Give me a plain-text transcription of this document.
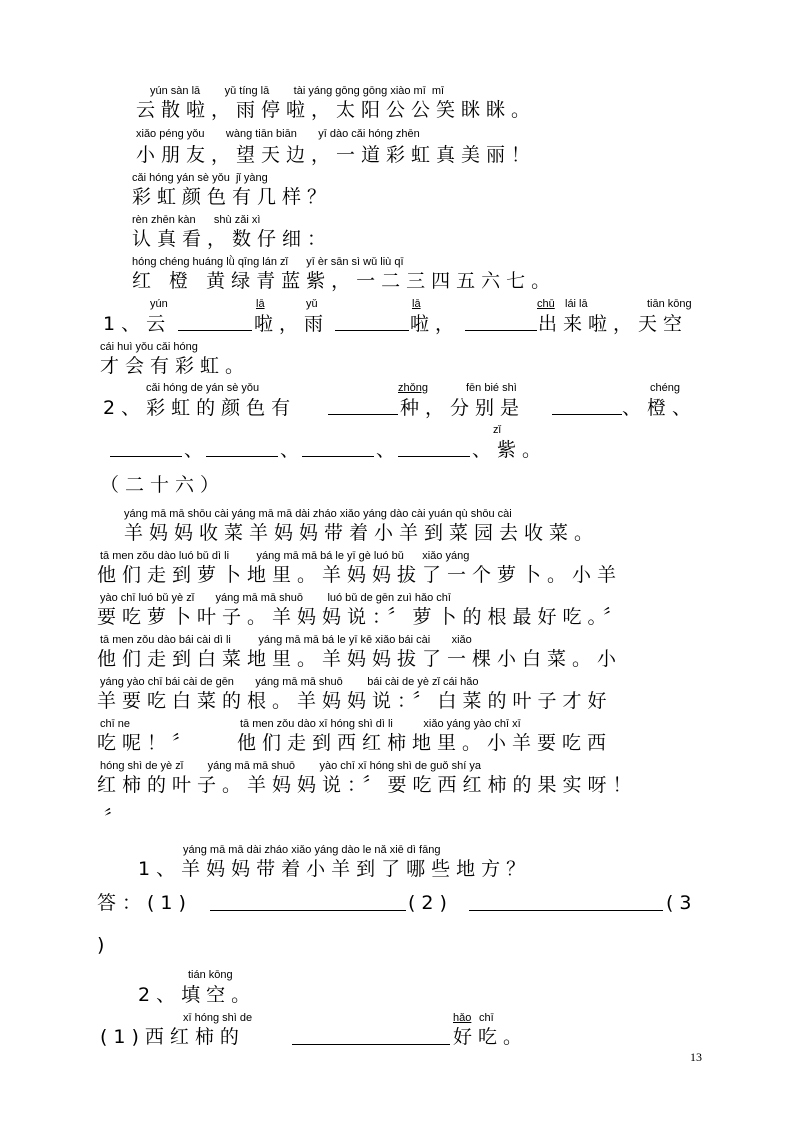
yún sàn lā        yǔ tíng lā        tài yáng gōng gōng xiào mī  mī
云散啦，雨停啦，太阳公公笑眯眯。
xiǎo péng yǒu       wàng tiān biān       yī dào cǎi hóng zhēn
小朋友，望天边，一道彩虹真美丽！
cǎi hóng yán sè yǒu  jǐ yàng
彩虹颜色有几样？
rèn zhēn kàn      shù zǎi xì
认真看，数仔细：
hóng chéng huáng lǜ qīng lán zǐ      yī èr sān sì wǔ liù qī
红 橙 黄绿青蓝紫，一二三四五六七。
yún	lā	yǔ	lā	chū lái lā	tiān kōng
1、云	啦，雨	啦，	出来啦，天空
cái huì yǒu cǎi hóng
才会有彩虹。
cǎi hóng de yán sè yǒu	zhǒng	fēn bié shì	chéng
2、彩虹的颜色有	种，分别是	、橙、
zǐ
、	、	、	、紫。
（二十六）
yáng mā mā shōu cài yáng mā mā dài zháo xiǎo yáng dào cài yuán qù shōu cài
羊妈妈收菜羊妈妈带着小羊到菜园去收菜。
tā men zǒu dào luó bǔ dì li         yáng mā mā bá le yī gè luó bǔ      xiǎo yáng
他们走到萝卜地里。羊妈妈拔了一个萝卜。小羊
yào chī luó bǔ yè zǐ       yáng mā mā shuō        luó bǔ de gēn zuì hǎo chī
要吃萝卜叶子。羊妈妈说：〞萝卜的根最好吃。〞
tā men zǒu dào bái cài dì li         yáng mā mā bá le yī kē xiǎo bái cài       xiǎo
他们走到白菜地里。羊妈妈拔了一棵小白菜。小
yáng yào chī bái cài de gēn       yáng mā mā shuō        bái cài de yè zǐ cái hǎo
羊要吃白菜的根。羊妈妈说：〞白菜的叶子才好
chī ne	tā men zǒu dào xī hóng shì dì li          xiǎo yáng yào chī xī
吃呢！〞 他们走到西红柿地里。小羊要吃西
hóng shì de yè zǐ        yáng mā mā shuō        yào chī xī hóng shì de guǒ shí ya
红柿的叶子。羊妈妈说：〞要吃西红柿的果实呀！
〞
yáng mā mā dài zháo xiǎo yáng dào le nǎ xiē dì fāng
1、羊妈妈带着小羊到了哪些地方？
答：(1)	(2)	(3
)
tián kōng
2、填空。
xī hóng shì de	hǎo chī
(1)西红柿的	好吃。
13
